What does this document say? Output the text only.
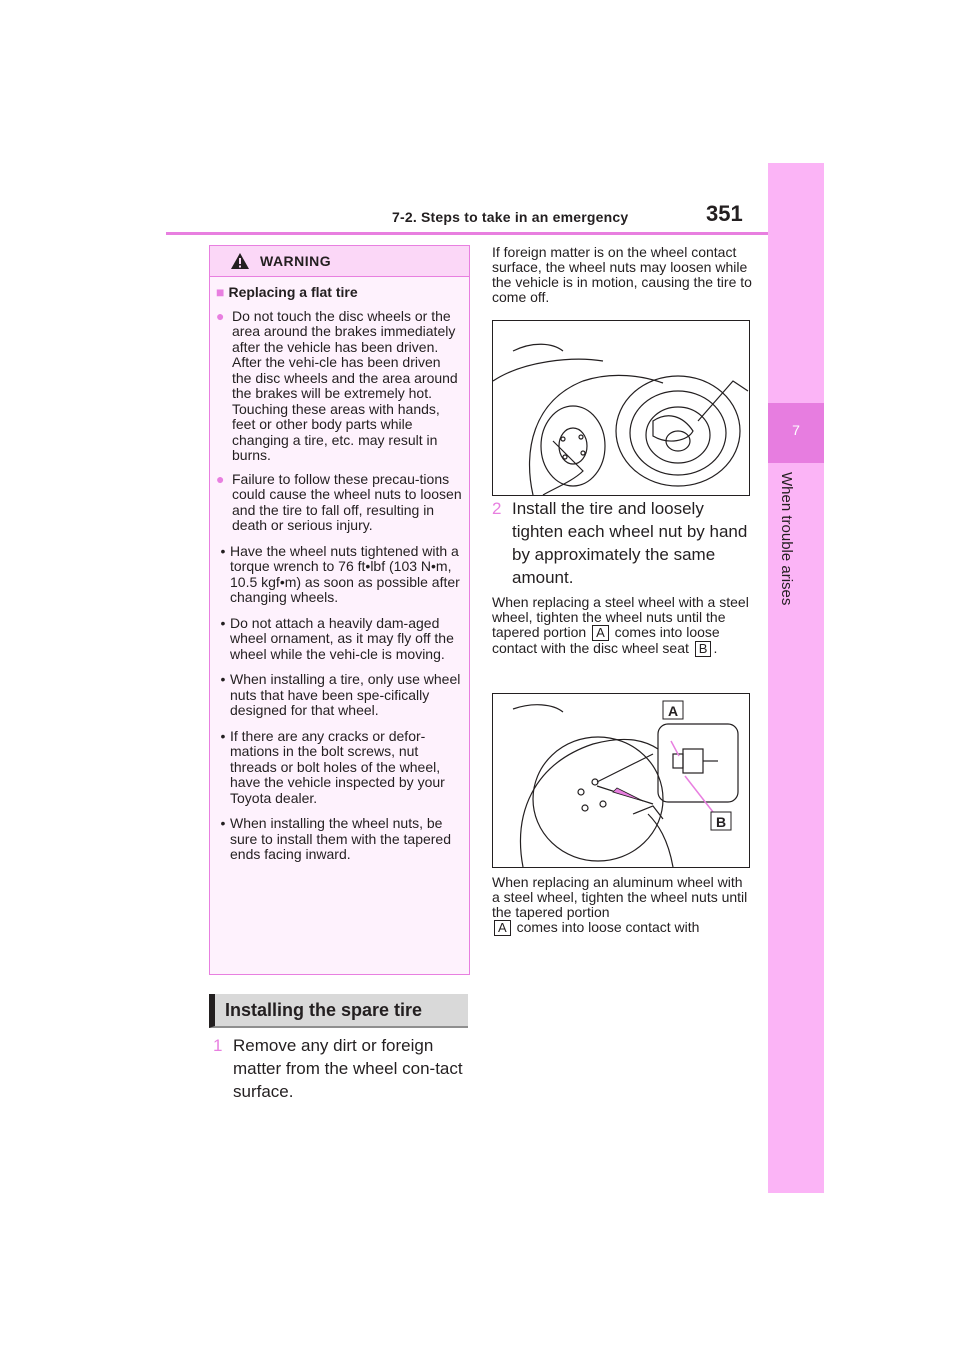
7-2. Steps to take in an emergency	351
7
When trouble arises
WARNING
■ Replacing a flat tire
● Do not touch the disc wheels or the area around the brakes immediately after the vehicle has been driven. After the vehi-cle has been driven the disc wheels and the area around the brakes will be extremely hot. Touching these areas with hands, feet or other body parts while changing a tire, etc. may result in burns.
● Failure to follow these precau-tions could cause the wheel nuts to loosen and the tire to fall off, resulting in death or serious injury.
• Have the wheel nuts tightened with a torque wrench to 76 ft•lbf (103 N•m, 10.5 kgf•m) as soon as possible after changing wheels.
• Do not attach a heavily dam-aged wheel ornament, as it may fly off the wheel while the vehi-cle is moving.
• When installing a tire, only use wheel nuts that have been spe-cifically designed for that wheel.
• If there are any cracks or defor-mations in the bolt screws, nut threads or bolt holes of the wheel, have the vehicle inspected by your Toyota dealer.
• When installing the wheel nuts, be sure to install them with the tapered ends facing inward.
Installing the spare tire
1 Remove any dirt or foreign matter from the wheel con-tact surface.
If foreign matter is on the wheel contact surface, the wheel nuts may loosen while the vehicle is in motion, causing the tire to come off.
2 Install the tire and loosely tighten each wheel nut by hand by approximately the same amount.
When replacing a steel wheel with a steel wheel, tighten the wheel nuts until the tapered portion A comes into loose contact with the disc wheel seat B .
A
B
When replacing an aluminum wheel with a steel wheel, tighten the wheel nuts until the tapered portion
A comes into loose contact with
